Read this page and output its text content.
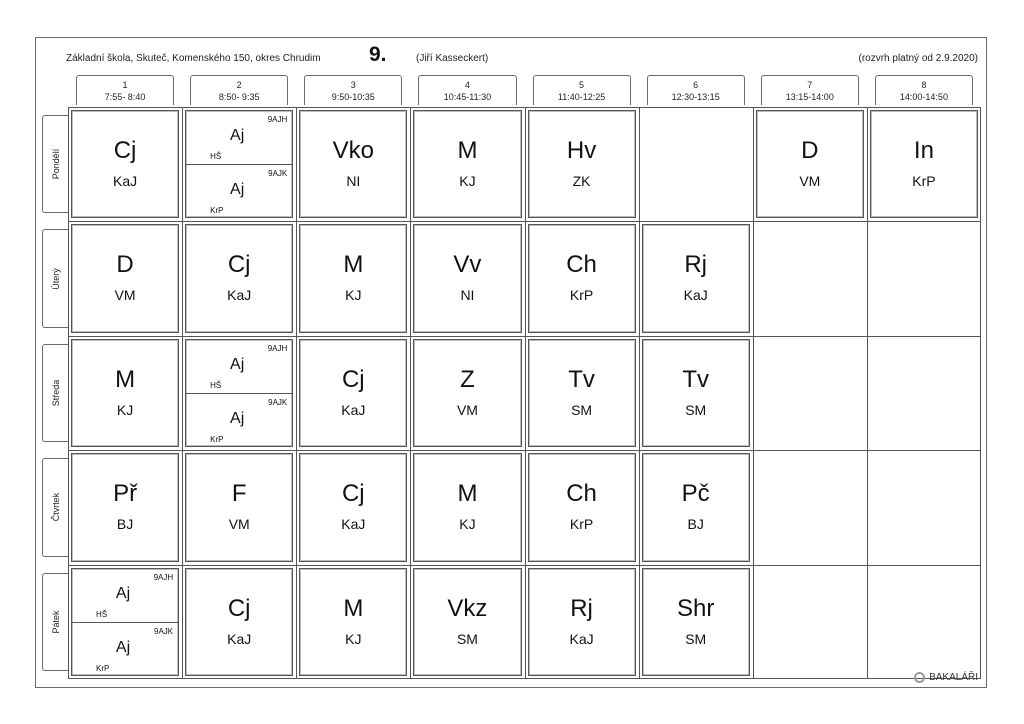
Základní škola, Skuteč, Komenského 150, okres Chrudim 9.	(Jiří Kasseckert)	(rozvrh platný od 2.9.2020)
1
7:55- 8:40
2
8:50- 9:35
3
9:50-10:35
4
10:45-11:30
5
11:40-12:25
6
12:30-13:15
7
13:15-14:00
8
14:00-14:50
Pondělí
Úterý
Středa
Čtvrtek
Pátek
Cj
KaJ
9AJH
Aj
HŠ
9AJK
Aj
KrP
Vko
NI
M
KJ
Hv
ZK
D
VM
In
KrP
D
VM
Cj
KaJ
M
KJ
Vv
NI
Ch
KrP
Rj
KaJ
M
KJ
9AJH
Aj
HŠ
9AJK
Aj
KrP
Cj
KaJ
Z
VM
Tv
SM
Tv
SM
Př
BJ
F
VM
Cj
KaJ
M
KJ
Ch
KrP
Pč
BJ
9AJH
Aj
HŠ
9AJK
Aj
KrP
Cj
KaJ
M
KJ
Vkz
SM
Rj
KaJ
Shr
SM
BAKALÁŘI
